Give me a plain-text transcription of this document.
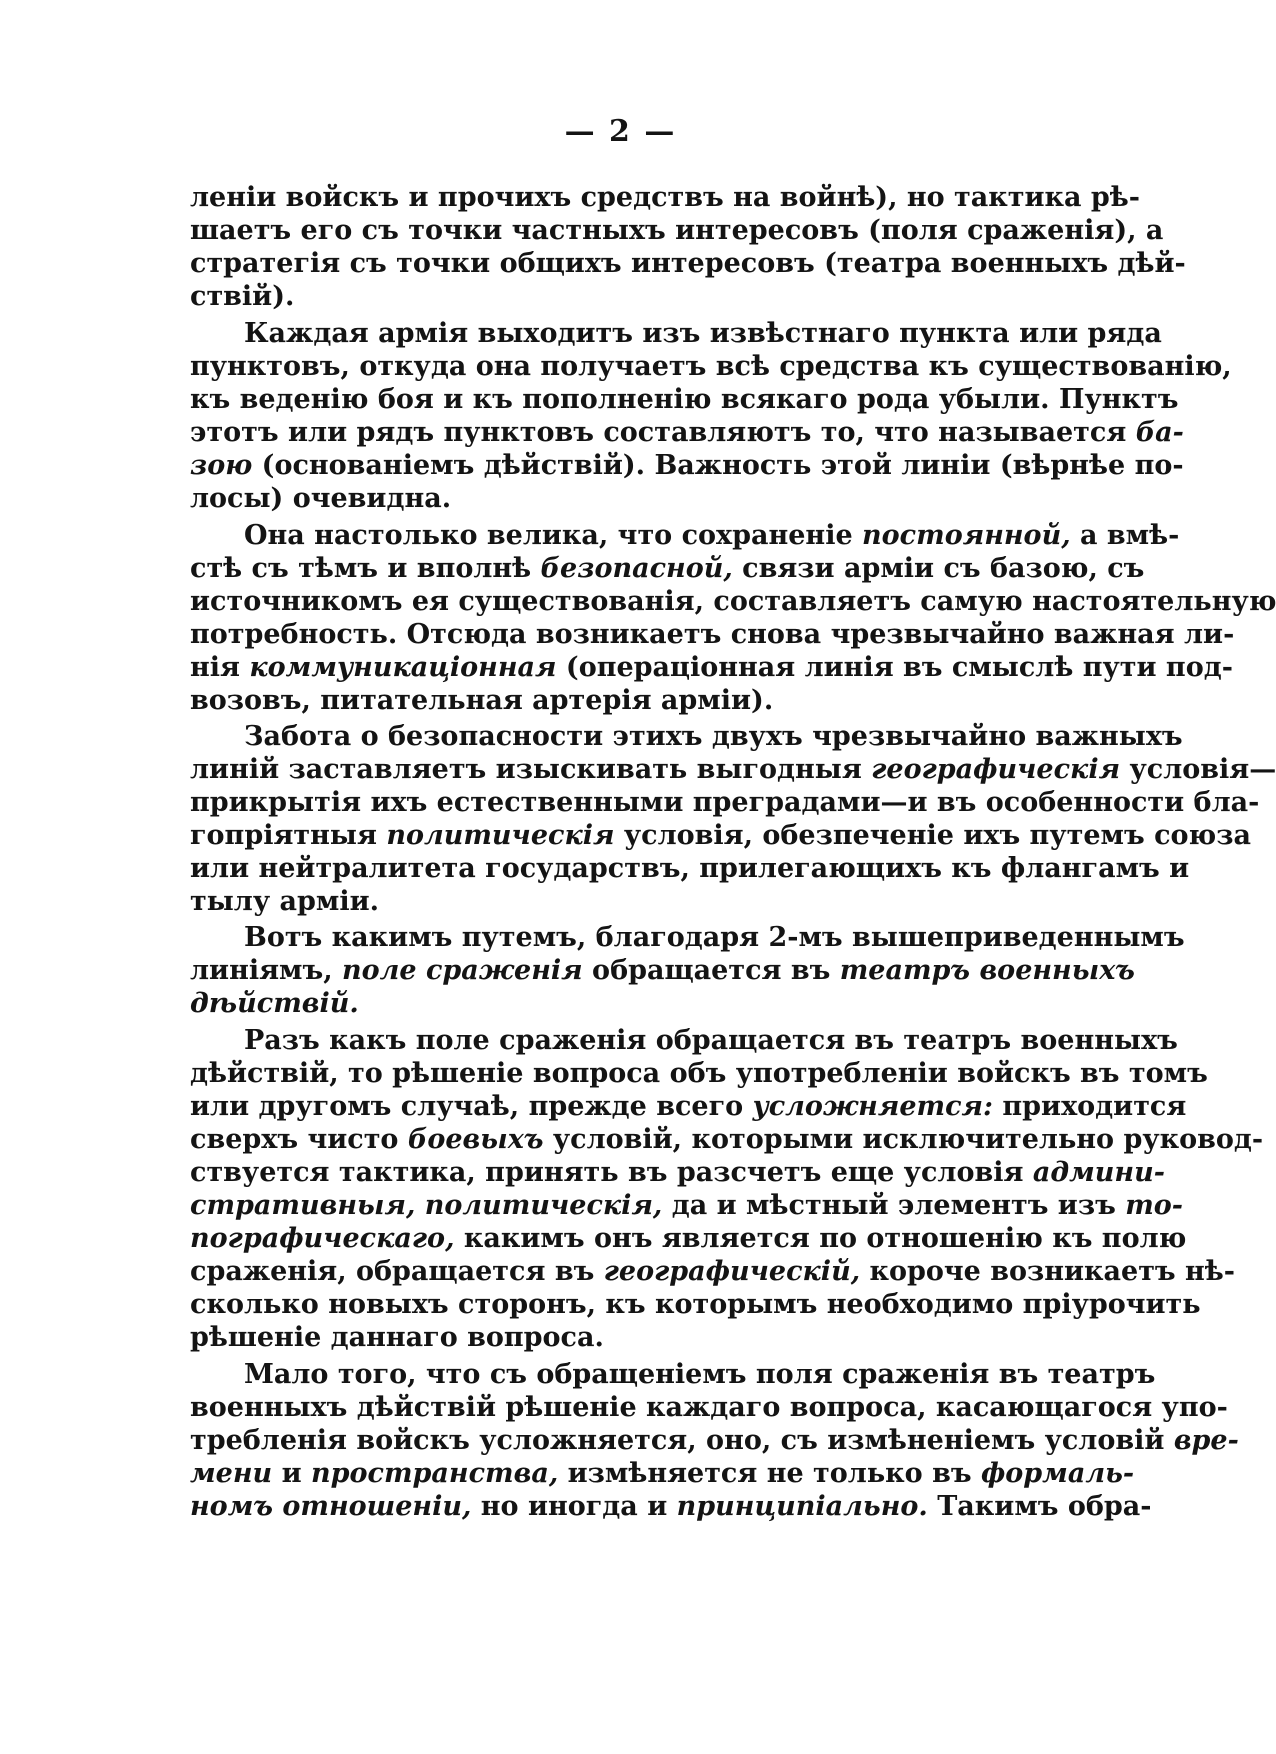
— 2 —
леніи войскъ и прочихъ средствъ на войнѣ), но тактика рѣ-
шаетъ его съ точки частныхъ интересовъ (поля сраженія), а
стратегія съ точки общихъ интересовъ (театра военныхъ дѣй-
ствій).
Каждая армія выходитъ изъ извѣстнаго пункта или ряда
пунктовъ, откуда она получаетъ всѣ средства къ существованію,
къ веденію боя и къ пополненію всякаго рода убыли. Пунктъ
этотъ или рядъ пунктовъ составляютъ то, что называется ба-
зою (основаніемъ дѣйствій). Важность этой линіи (вѣрнѣе по-
лосы) очевидна.
Она настолько велика, что сохраненіе постоянной, а вмѣ-
стѣ съ тѣмъ и вполнѣ безопасной, связи арміи съ базою, съ
источникомъ ея существованія, составляетъ самую настоятельную
потребность. Отсюда возникаетъ снова чрезвычайно важная ли-
нія коммуникаціонная (операціонная линія въ смыслѣ пути под-
возовъ, питательная артерія арміи).
Забота о безопасности этихъ двухъ чрезвычайно важныхъ
линій заставляетъ изыскивать выгодныя географическія условія—
прикрытія ихъ естественными преградами—и въ особенности бла-
гопріятныя политическія условія, обезпеченіе ихъ путемъ союза
или нейтралитета государствъ, прилегающихъ къ флангамъ и
тылу арміи.
Вотъ какимъ путемъ, благодаря 2-мъ вышеприведеннымъ
линіямъ, поле сраженія обращается въ театръ военныхъ
дѣйствій.
Разъ какъ поле сраженія обращается въ театръ военныхъ
дѣйствій, то рѣшеніе вопроса объ употребленіи войскъ въ томъ
или другомъ случаѣ, прежде всего усложняется: приходится
сверхъ чисто боевыхъ условій, которыми исключительно руковод-
ствуется тактика, принять въ разсчетъ еще условія админи-
стративныя, политическія, да и мѣстный элементъ изъ то-
пографическаго, какимъ онъ является по отношенію къ полю
сраженія, обращается въ географическій, короче возникаетъ нѣ-
сколько новыхъ сторонъ, къ которымъ необходимо пріурочить
рѣшеніе даннаго вопроса.
Мало того, что съ обращеніемъ поля сраженія въ театръ
военныхъ дѣйствій рѣшеніе каждаго вопроса, касающагося упо-
требленія войскъ усложняется, оно, съ измѣненіемъ условій вре-
мени и пространства, измѣняется не только въ формаль-
номъ отношеніи, но иногда и принципіально. Такимъ обра-
